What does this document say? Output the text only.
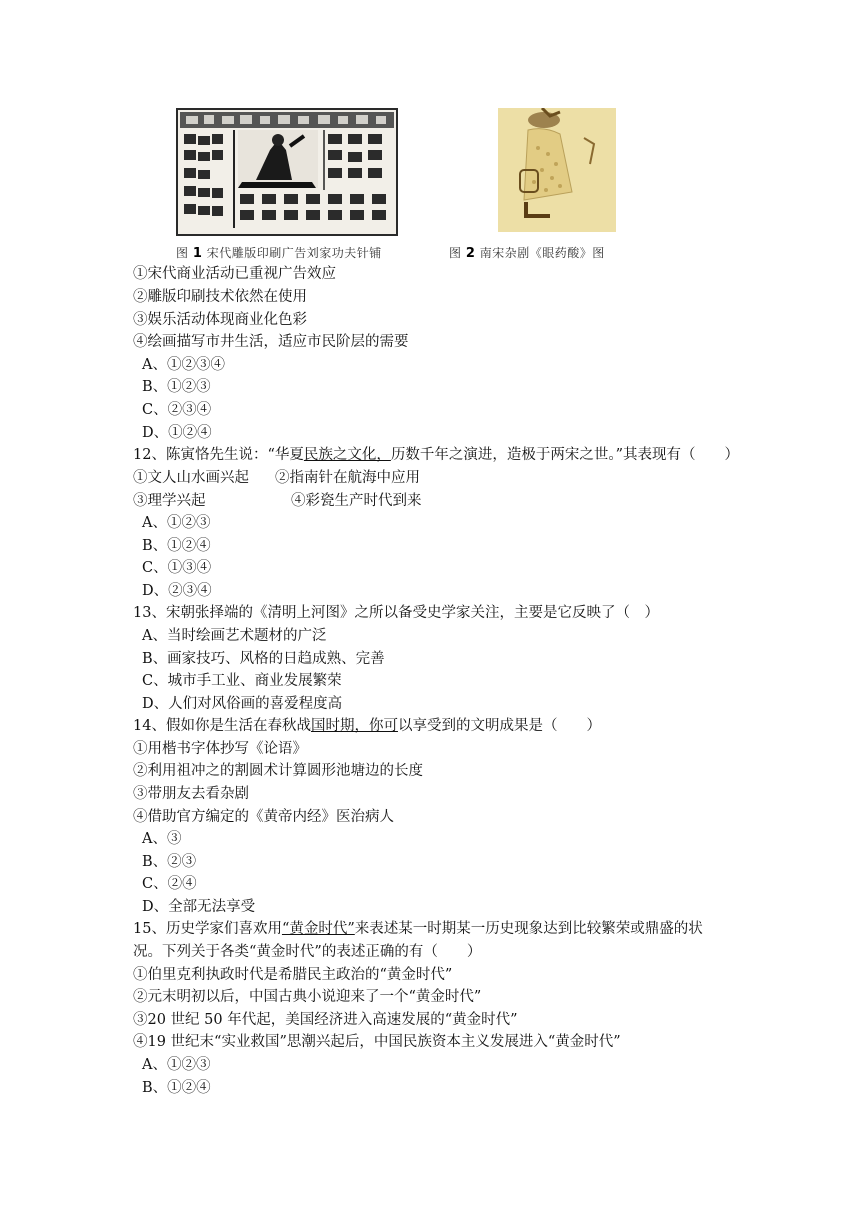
图 1 宋代雕版印刷广告刘家功夫针铺	图 2 南宋杂剧《眼药酸》图
①宋代商业活动已重视广告效应
②雕版印刷技术依然在使用
③娱乐活动体现商业化色彩
④绘画描写市井生活，适应市民阶层的需要
A、①②③④
B、①②③
C、②③④
D、①②④
12、陈寅恪先生说：“华夏民族之文化，历数千年之演进，造极于两宋之世。”其表现有（　　）
①文人山水画兴起 ②指南针在航海中应用
③理学兴起	④彩瓷生产时代到来
A、①②③
B、①②④
C、①③④
D、②③④
13、宋朝张择端的《清明上河图》之所以备受史学家关注，主要是它反映了（　）
A、当时绘画艺术题材的广泛
B、画家技巧、风格的日趋成熟、完善
C、城市手工业、商业发展繁荣
D、人们对风俗画的喜爱程度高
14、假如你是生活在春秋战国时期，你可以享受到的文明成果是（　　）
①用楷书字体抄写《论语》
②利用祖冲之的割圆术计算圆形池塘边的长度
③带朋友去看杂剧
④借助官方编定的《黄帝内经》医治病人
A、③
B、②③
C、②④
D、全部无法享受
15、历史学家们喜欢用“黄金时代”来表述某一时期某一历史现象达到比较繁荣或鼎盛的状
况。下列关于各类“黄金时代”的表述正确的有（　　）
①伯里克利执政时代是希腊民主政治的“黄金时代”
②元末明初以后，中国古典小说迎来了一个“黄金时代”
③20 世纪 50 年代起，美国经济进入高速发展的“黄金时代”
④19 世纪末“实业救国”思潮兴起后，中国民族资本主义发展进入“黄金时代”
A、①②③
B、①②④
